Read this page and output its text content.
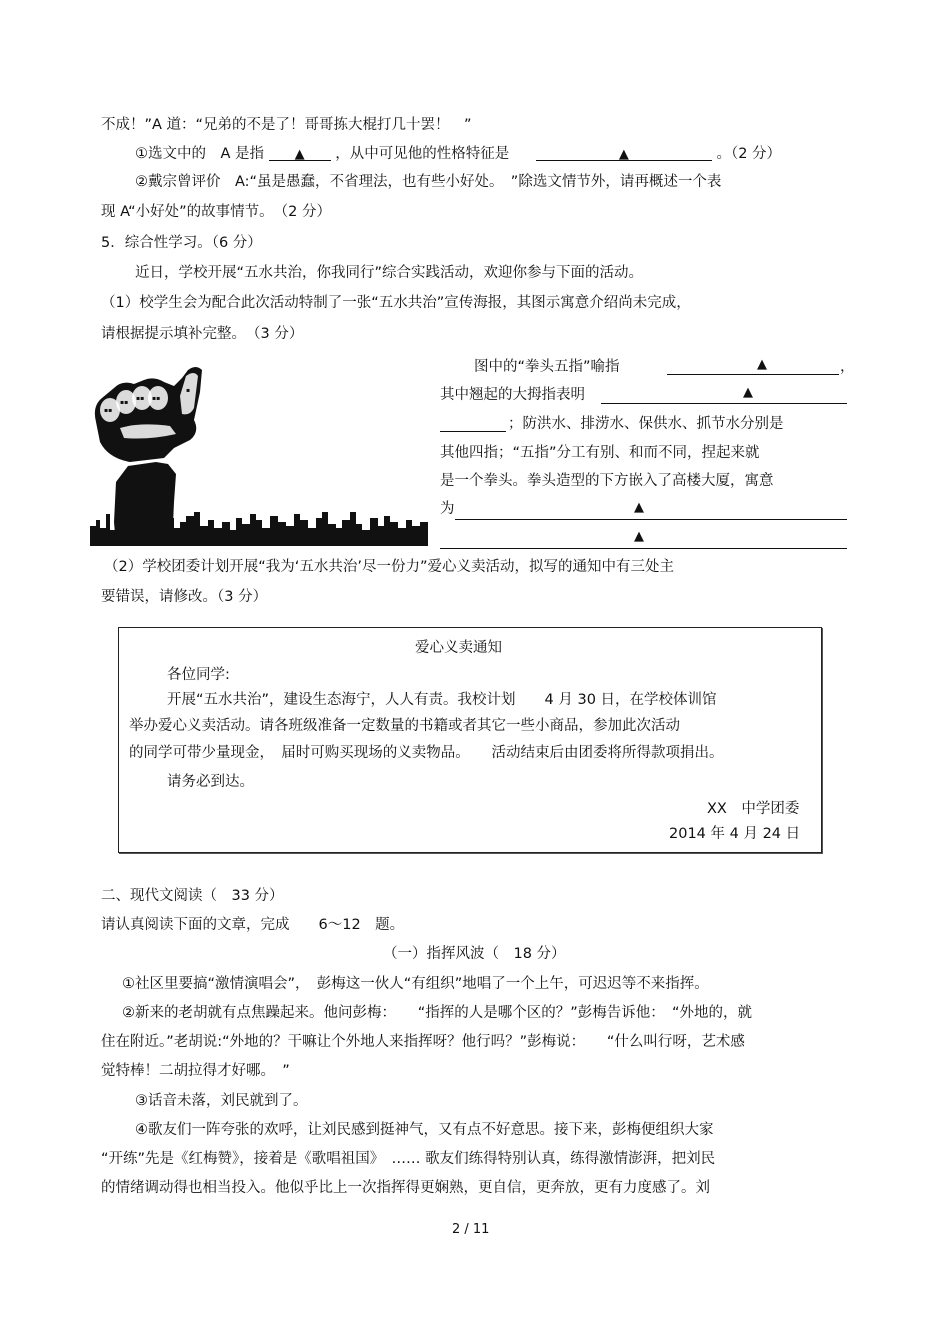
不成！”A 道：“兄弟的不是了！哥哥拣大棍打几十罢！　”
①选文中的　A 是指 ▲ ，从中可见他的性格特征是	▲	。（2 分）
②戴宗曾评价　A:“虽是愚蠢，不省理法，也有些小好处。　”除选文情节外，请再概述一个表
现 A“小好处”的故事情节。　（2 分）
5．综合性学习。（6 分）
近日，学校开展“五水共治，你我同行”综合实践活动，欢迎你参与下面的活动。
（1）校学生会为配合此次活动特制了一张“五水共治”宣传海报，其图示寓意介绍尚未完成，
请根据提示填补完整。　（3 分）
▪▪
▪▪
▪▪ ▪▪
▪
图中的“拳头五指”喻指	▲	，
其中翘起的大拇指表明	▲
；防洪水、排涝水、保供水、抓节水分别是
其他四指；“五指”分工有别、和而不同，捏起来就
是一个拳头。拳头造型的下方嵌入了高楼大厦，寓意
为	▲
▲
（2）学校团委计划开展“我为‘五水共治’尽一份力”爱心义卖活动，拟写的通知中有三处主
要错误，请修改。（3 分）
爱心义卖通知
各位同学:
开展“五水共治”，建设生态海宁，人人有责。我校计划　　4 月 30 日，在学校体训馆
举办爱心义卖活动。请各班级准备一定数量的书籍或者其它一些小商品，参加此次活动
的同学可带少量现金，　届时可购买现场的义卖物品。　　活动结束后由团委将所得款项捐出。
请务必到达。
XX　中学团委
2014 年 4 月 24 日
二、现代文阅读（　33 分）
请认真阅读下面的文章，完成　　6～12　题。
（一）指挥风波（　18 分）
①社区里要搞“激情演唱会”，　彭梅这一伙人“有组织”地唱了一个上午，可迟迟等不来指挥。
②新来的老胡就有点焦躁起来。他问彭梅：　　“指挥的人是哪个区的？”彭梅告诉他：　“外地的，就
住在附近。”老胡说:“外地的？干嘛让个外地人来指挥呀？他行吗？”彭梅说：　　“什么叫行呀，艺术感
觉特棒！二胡拉得才好哪。　”
③话音未落，刘民就到了。
④歌友们一阵夸张的欢呼，让刘民感到挺神气，又有点不好意思。接下来，彭梅便组织大家
“开练”先是《红梅赞》，接着是《歌唱祖国》　…… 歌友们练得特别认真，练得激情澎湃，把刘民
的情绪调动得也相当投入。他似乎比上一次指挥得更娴熟，更自信，更奔放，更有力度感了。刘
2 / 11
